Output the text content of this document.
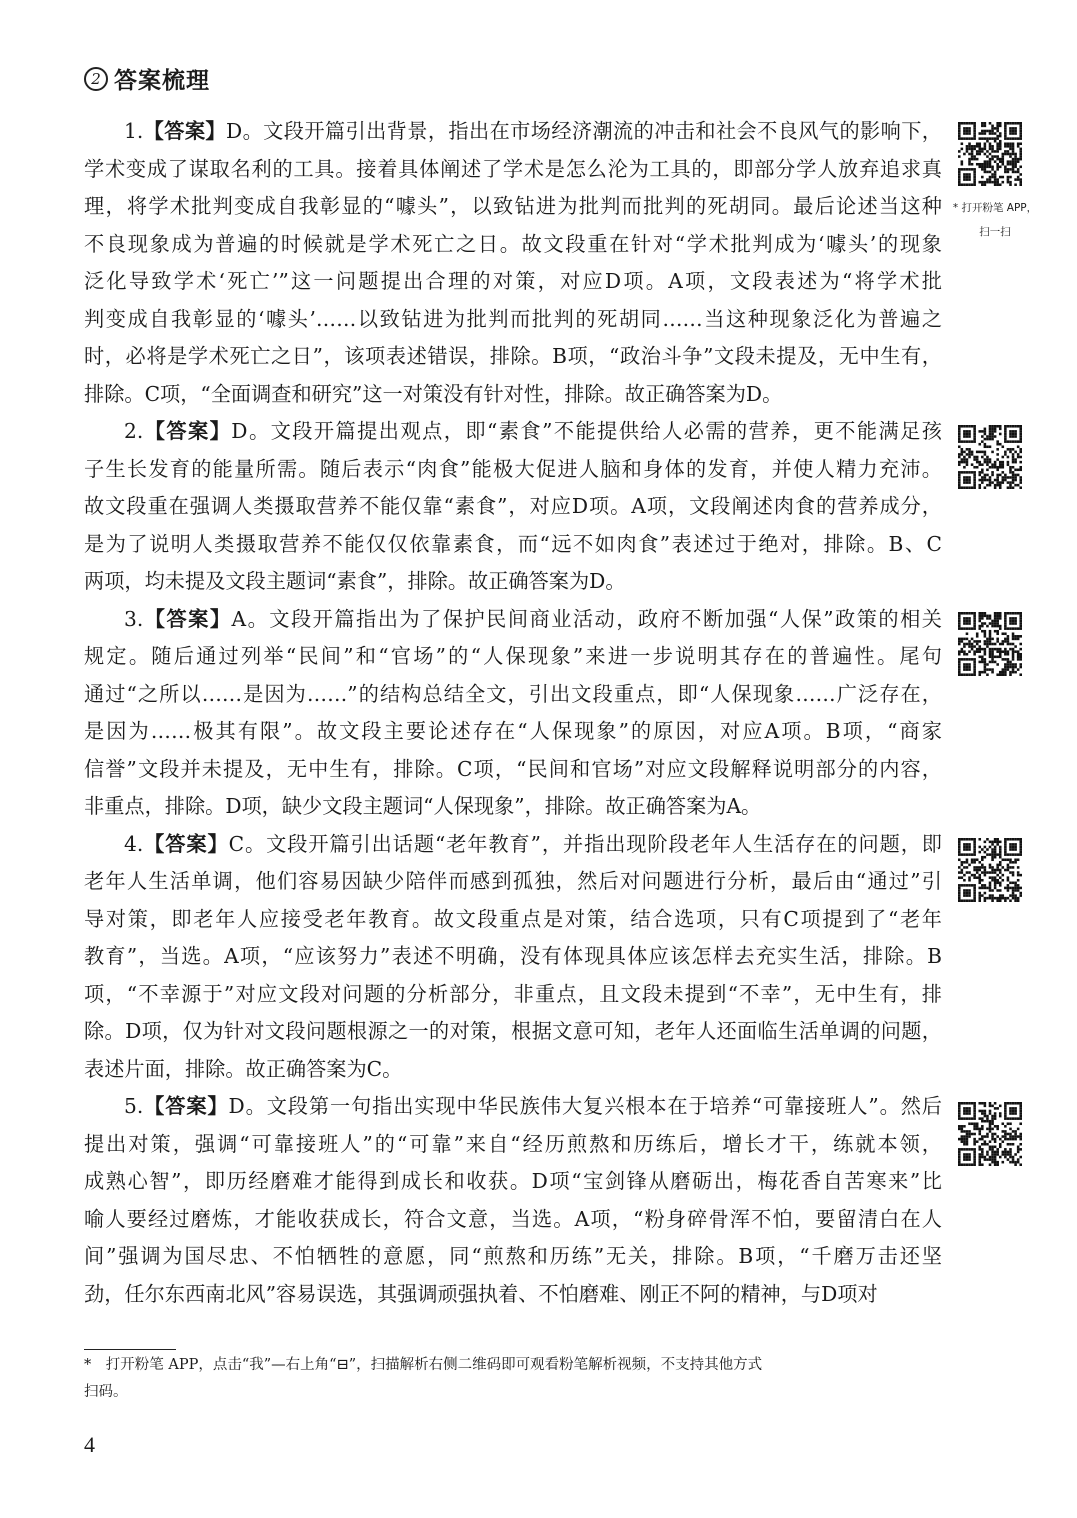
2 答案梳理
1.【答案】D。文段开篇引出背景，指出在市场经济潮流的冲击和社会不良风气的影响下，
学术变成了谋取名利的工具。接着具体阐述了学术是怎么沦为工具的，即部分学人放弃追求真
理，将学术批判变成自我彰显的“噱头”，以致钻进为批判而批判的死胡同。最后论述当这种
不良现象成为普遍的时候就是学术死亡之日。故文段重在针对“学术批判成为‘噱头’的现象
泛化导致学术‘死亡’”这一问题提出合理的对策，对应D项。A项，文段表述为“将学术批
判变成自我彰显的‘噱头’……以致钻进为批判而批判的死胡同……当这种现象泛化为普遍之
时，必将是学术死亡之日”，该项表述错误，排除。B项，“政治斗争”文段未提及，无中生有，
排除。C项，“全面调查和研究”这一对策没有针对性，排除。故正确答案为D。
2.【答案】D。文段开篇提出观点，即“素食”不能提供给人必需的营养，更不能满足孩
子生长发育的能量所需。随后表示“肉食”能极大促进人脑和身体的发育，并使人精力充沛。
故文段重在强调人类摄取营养不能仅靠“素食”，对应D项。A项，文段阐述肉食的营养成分，
是为了说明人类摄取营养不能仅仅依靠素食，而“远不如肉食”表述过于绝对，排除。B、C
两项，均未提及文段主题词“素食”，排除。故正确答案为D。
3.【答案】A。文段开篇指出为了保护民间商业活动，政府不断加强“人保”政策的相关
规定。随后通过列举“民间”和“官场”的“人保现象”来进一步说明其存在的普遍性。尾句
通过“之所以……是因为……”的结构总结全文，引出文段重点，即“人保现象……广泛存在，
是因为……极其有限”。故文段主要论述存在“人保现象”的原因，对应A项。B项，“商家
信誉”文段并未提及，无中生有，排除。C项，“民间和官场”对应文段解释说明部分的内容，
非重点，排除。D项，缺少文段主题词“人保现象”，排除。故正确答案为A。
4.【答案】C。文段开篇引出话题“老年教育”，并指出现阶段老年人生活存在的问题，即
老年人生活单调，他们容易因缺少陪伴而感到孤独，然后对问题进行分析，最后由“通过”引
导对策，即老年人应接受老年教育。故文段重点是对策，结合选项，只有C项提到了“老年
教育”，当选。A项，“应该努力”表述不明确，没有体现具体应该怎样去充实生活，排除。B
项，“不幸源于”对应文段对问题的分析部分，非重点，且文段未提到“不幸”，无中生有，排
除。D项，仅为针对文段问题根源之一的对策，根据文意可知，老年人还面临生活单调的问题，
表述片面，排除。故正确答案为C。
5.【答案】D。文段第一句指出实现中华民族伟大复兴根本在于培养“可靠接班人”。然后
提出对策，强调“可靠接班人”的“可靠”来自“经历煎熬和历练后，增长才干，练就本领，
成熟心智”，即历经磨难才能得到成长和收获。D项“宝剑锋从磨砺出，梅花香自苦寒来”比
喻人要经过磨炼，才能收获成长，符合文意，当选。A项，“粉身碎骨浑不怕，要留清白在人
间”强调为国尽忠、不怕牺牲的意愿，同“煎熬和历练”无关，排除。B项，“千磨万击还坚
劲，任尔东西南北风”容易误选，其强调顽强执着、不怕磨难、刚正不阿的精神，与D项对
* 打开粉笔 APP，
扫一扫
*　打开粉笔 APP，点击“我”—右上角“⊟”，扫描解析右侧二维码即可观看粉笔解析视频，不支持其他方式
扫码。
4
